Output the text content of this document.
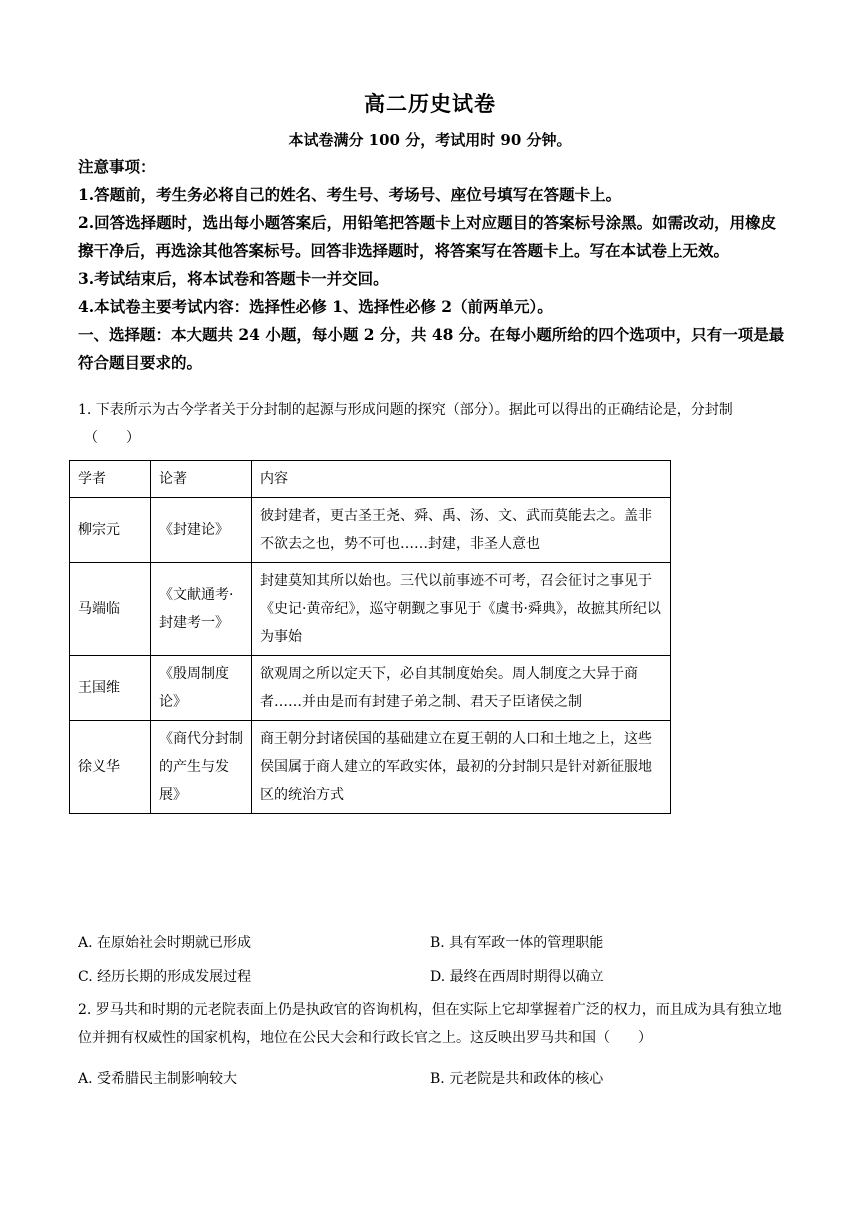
高二历史试卷
本试卷满分 100 分，考试用时 90 分钟。

注意事项：

1.答题前，考生务必将自己的姓名、考生号、考场号、座位号填写在答题卡上。

2.回答选择题时，选出每小题答案后，用铅笔把答题卡上对应题目的答案标号涂黑。如需改动，用橡皮擦干净后，再选涂其他答案标号。回答非选择题时，将答案写在答题卡上。写在本试卷上无效。

3.考试结束后，将本试卷和答题卡一并交回。

4.本试卷主要考试内容：选择性必修 1、选择性必修 2（前两单元）。

一、选择题：本大题共 24 小题，每小题 2 分，共 48 分。在每小题所给的四个选项中，只有一项是最符合题目要求的。

1. 下表所示为古今学者关于分封制的起源与形成问题的探究（部分）。据此可以得出的正确结论是，分封制

（　　）

学者	论著	内容
柳宗元	《封建论》	彼封建者，更古圣王尧、舜、禹、汤、文、武而莫能去之。盖非不欲去之也，势不可也……封建，非圣人意也
马端临	《文献通考·封建考一》	封建莫知其所以始也。三代以前事迹不可考，召会征讨之事见于《史记·黄帝纪》，巡守朝觐之事见于《虞书·舜典》，故摭其所纪以为事始
王国维	《殷周制度论》	欲观周之所以定天下，必自其制度始矣。周人制度之大异于商者……并由是而有封建子弟之制、君天子臣诸侯之制
徐义华	《商代分封制的产生与发展》	商王朝分封诸侯国的基础建立在夏王朝的人口和土地之上，这些侯国属于商人建立的军政实体，最初的分封制只是针对新征服地区的统治方式
A. 在原始社会时期就已形成	B. 具有军政一体的管理职能
C. 经历长期的形成发展过程	D. 最终在西周时期得以确立

2. 罗马共和时期的元老院表面上仍是执政官的咨询机构，但在实际上它却掌握着广泛的权力，而且成为具有独立地位并拥有权威性的国家机构，地位在公民大会和行政长官之上。这反映出罗马共和国（　　）

A. 受希腊民主制影响较大	B. 元老院是共和政体的核心
